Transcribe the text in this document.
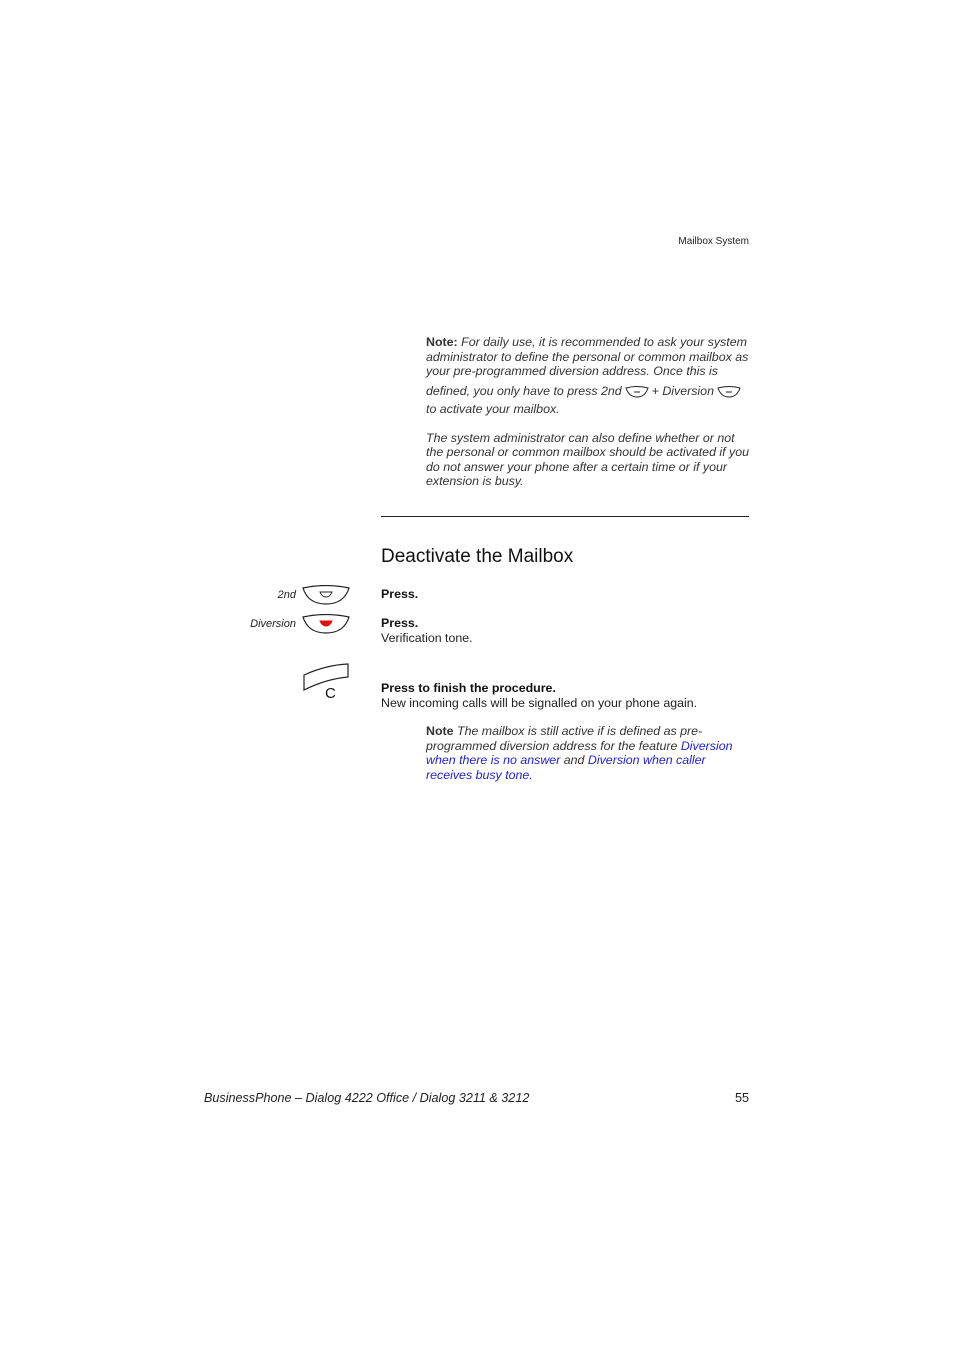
Mailbox System
Note: For daily use, it is recommended to ask your system administrator to define the personal or common mailbox as your pre-programmed diversion address. Once this is
defined, you only have to press 2nd + Diversion
to activate your mailbox.
The system administrator can also define whether or not the personal or common mailbox should be activated if you do not answer your phone after a certain time or if your extension is busy.
Deactivate the Mailbox
2nd	Press.
Diversion	Press.
Verification tone.
C	Press to finish the procedure.
New incoming calls will be signalled on your phone again.
Note The mailbox is still active if is defined as pre-programmed diversion address for the feature Diversion when there is no answer and Diversion when caller receives busy tone.
BusinessPhone – Dialog 4222 Office / Dialog 3211 & 3212	55
